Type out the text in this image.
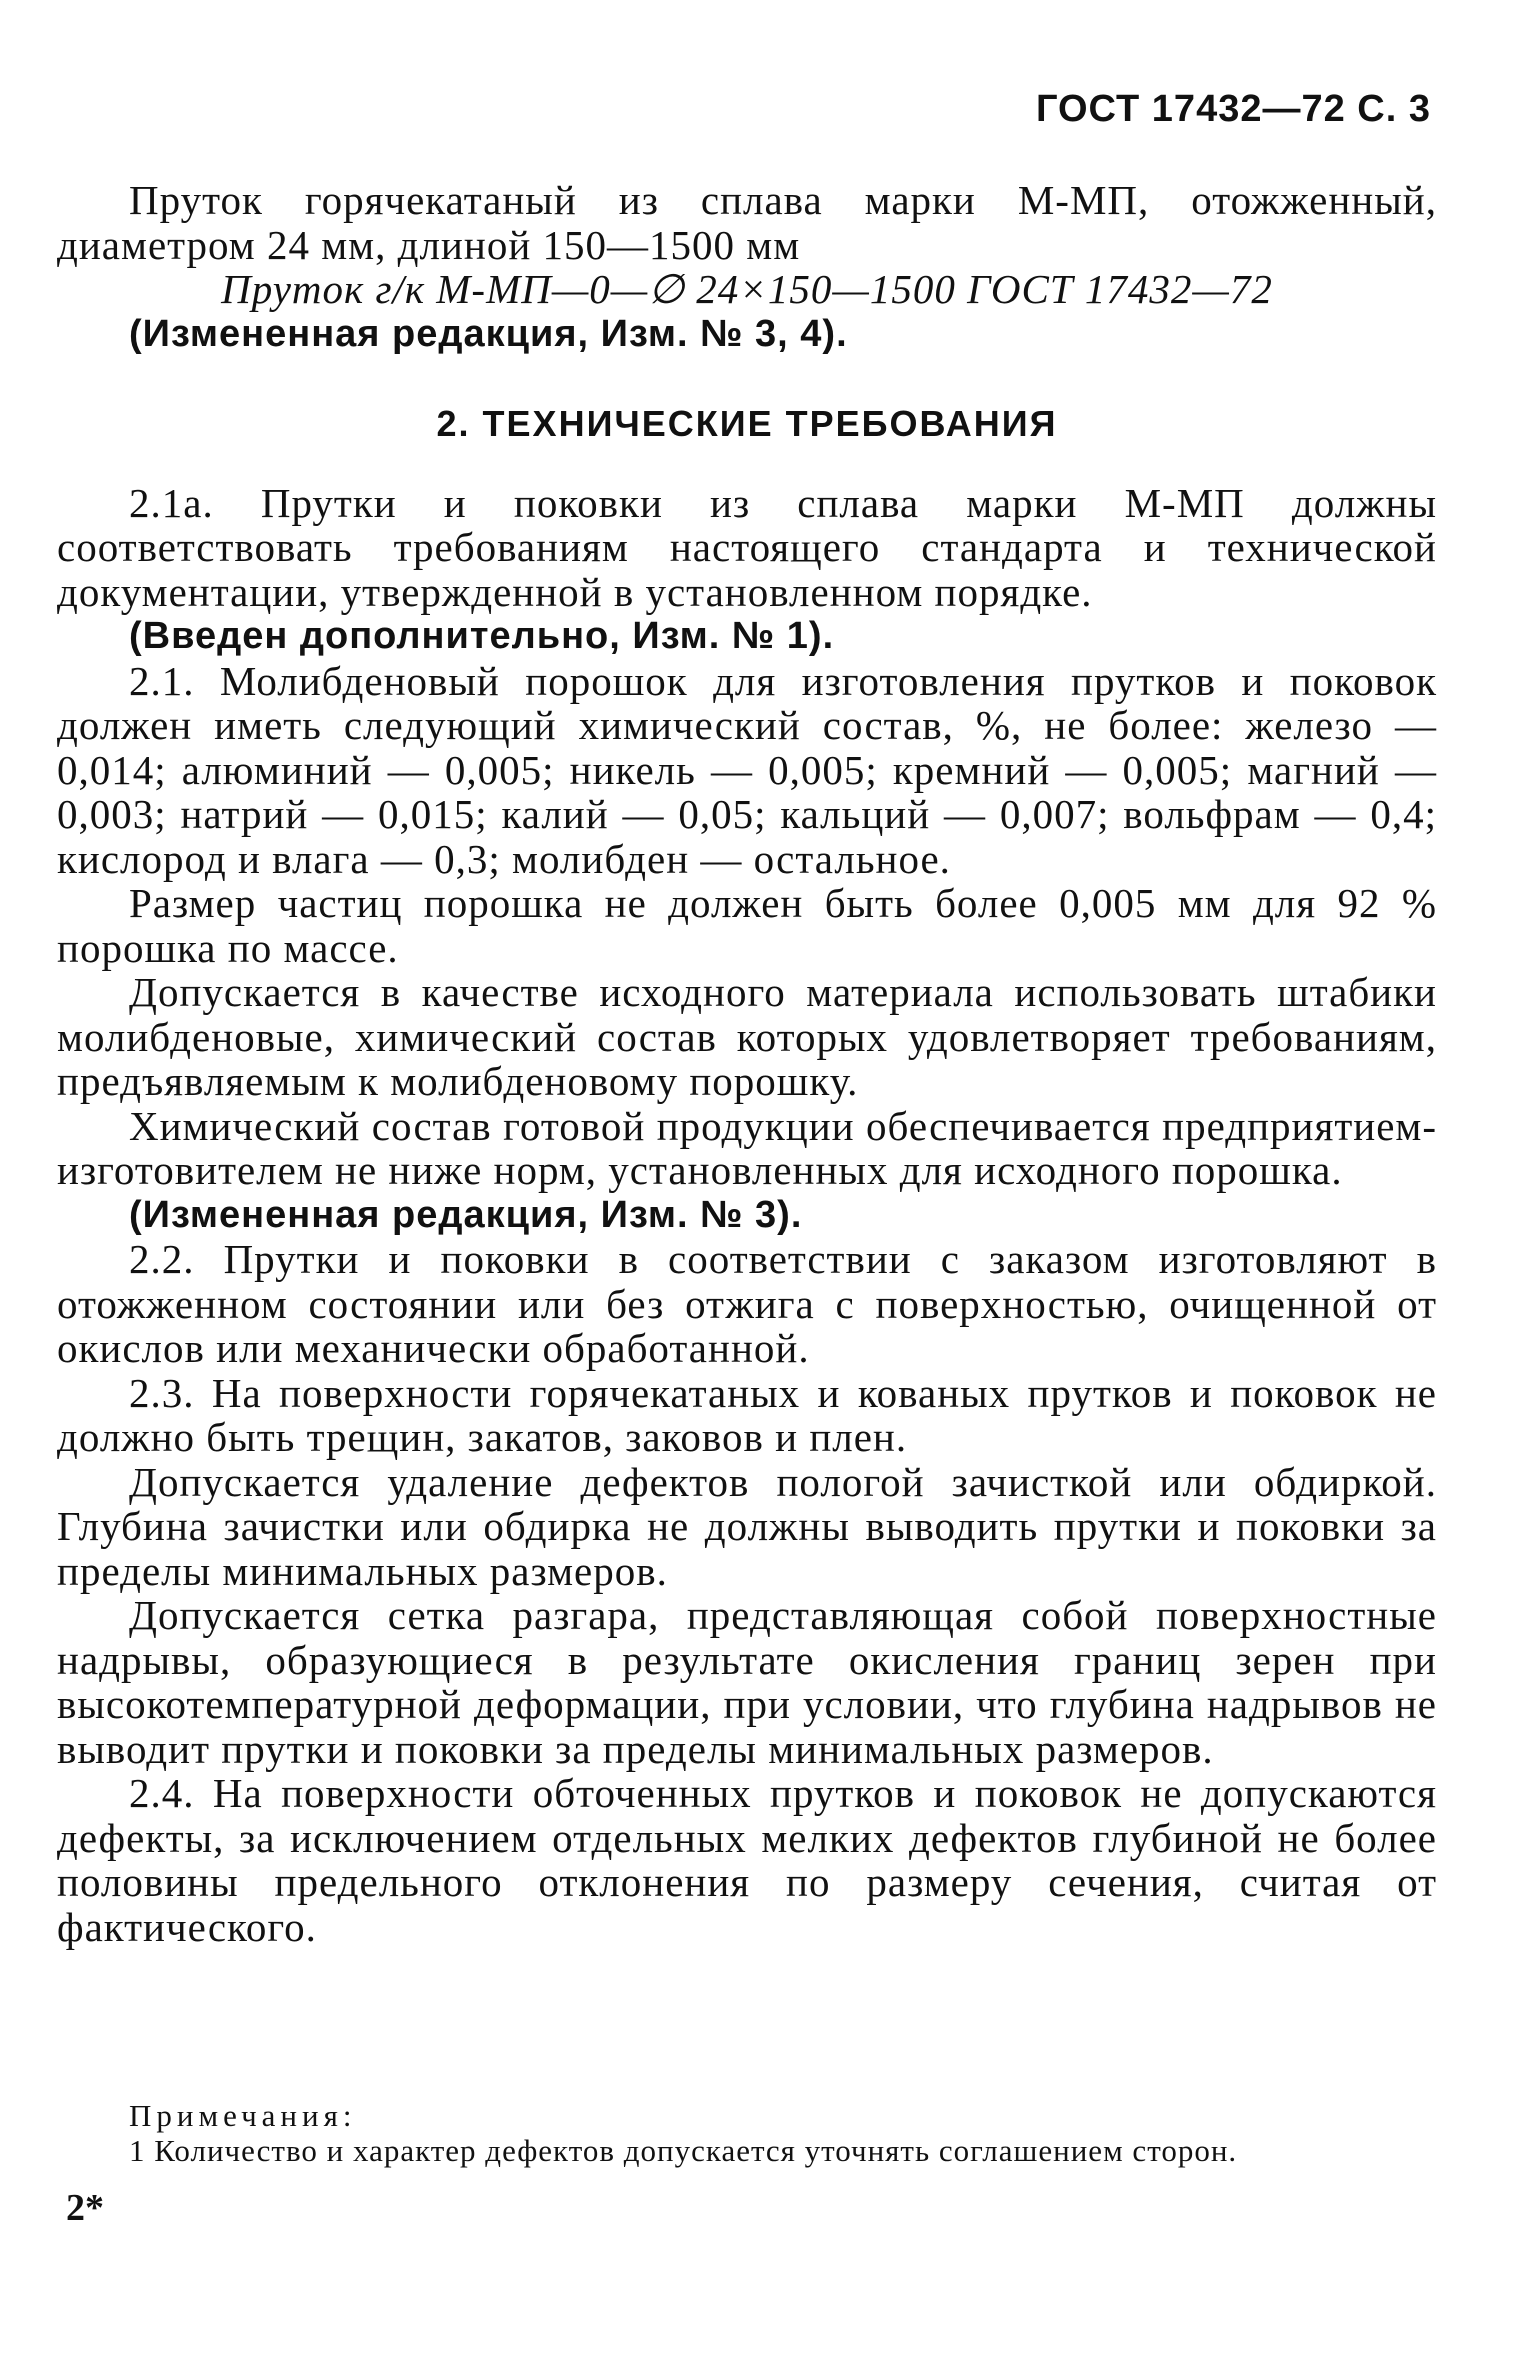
ГОСТ 17432—72 С. 3

Пруток горячекатаный из сплава марки М-МП, отожженный, диаметром 24 мм, длиной 150—1500 мм

Пруток г/к М-МП—0—∅ 24×150—1500 ГОСТ 17432—72

(Измененная редакция, Изм. № 3, 4).

2. ТЕХНИЧЕСКИЕ ТРЕБОВАНИЯ

2.1а. Прутки и поковки из сплава марки М-МП должны соответствовать требованиям настоящего стандарта и технической документации, утвержденной в установленном порядке.

(Введен дополнительно, Изм. № 1).

2.1. Молибденовый порошок для изготовления прутков и поковок должен иметь следующий химический состав, %, не более: железо — 0,014; алюминий — 0,005; никель — 0,005; кремний — 0,005; магний — 0,003; натрий — 0,015; калий — 0,05; кальций — 0,007; вольфрам — 0,4; кислород и влага — 0,3; молибден — остальное.

Размер частиц порошка не должен быть более 0,005 мм для 92 % порошка по массе.

Допускается в качестве исходного материала использовать штабики молибденовые, химический состав которых удовлетворяет требованиям, предъявляемым к молибденовому порошку.

Химический состав готовой продукции обеспечивается предприятием-изготовителем не ниже норм, установленных для исходного порошка.

(Измененная редакция, Изм. № 3).

2.2. Прутки и поковки в соответствии с заказом изготовляют в отожженном состоянии или без отжига с поверхностью, очищенной от окислов или механически обработанной.

2.3. На поверхности горячекатаных и кованых прутков и поковок не должно быть трещин, закатов, заковов и плен.

Допускается удаление дефектов пологой зачисткой или обдиркой. Глубина зачистки или обдирка не должны выводить прутки и поковки за пределы минимальных размеров.

Допускается сетка разгара, представляющая собой поверхностные надрывы, образующиеся в результате окисления границ зерен при высокотемпературной деформации, при условии, что глубина надрывов не выводит прутки и поковки за пределы минимальных размеров.

2.4. На поверхности обточенных прутков и поковок не допускаются дефекты, за исключением отдельных мелких дефектов глубиной не более половины предельного отклонения по размеру сечения, считая от фактического.

Примечания:

1 Количество и характер дефектов допускается уточнять соглашением сторон.

2*
